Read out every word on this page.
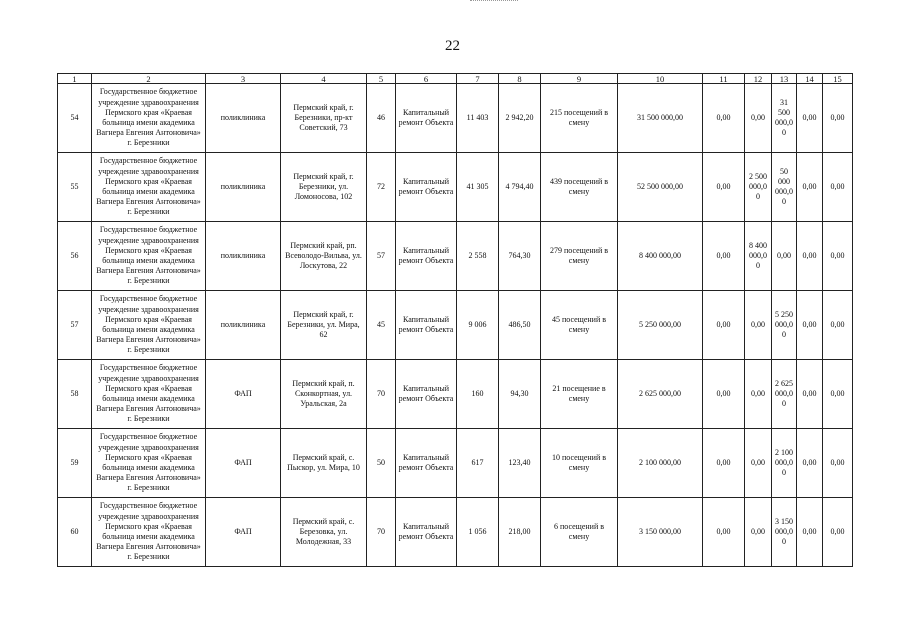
22
1	2	3	4	5	6	7	8	9	10	11	12	13	14	15
54	Государственное бюджетное учреждение здравоохранения Пермского края «Краевая больница имени академика Вагнера Евгения Антоновича» г. Березники	поликлиника	Пермский край, г. Березники, пр-кт Советский, 73	46	Капитальный ремонт Объекта	11 403	2 942,20	215 посещений в смену	31 500 000,00	0,00	0,00	31 500 000,0 0	0,00	0,00
55	Государственное бюджетное учреждение здравоохранения Пермского края «Краевая больница имени академика Вагнера Евгения Антоновича» г. Березники	поликлиника	Пермский край, г. Березники, ул. Ломоносова, 102	72	Капитальный ремонт Объекта	41 305	4 794,40	439 посещений в смену	52 500 000,00	0,00	2 500 000,0 0	50 000 000,0 0	0,00	0,00
56	Государственное бюджетное учреждение здравоохранения Пермского края «Краевая больница имени академика Вагнера Евгения Антоновича» г. Березники	поликлиника	Пермский край, рп. Всеволодо-Вильва, ул. Лоскутова, 22	57	Капитальный ремонт Объекта	2 558	764,30	279 посещений в смену	8 400 000,00	0,00	8 400 000,0 0	0,00	0,00	0,00
57	Государственное бюджетное учреждение здравоохранения Пермского края «Краевая больница имени академика Вагнера Евгения Антоновича» г. Березники	поликлиника	Пермский край, г. Березники, ул. Мира, 62	45	Капитальный ремонт Объекта	9 006	486,50	45 посещений в смену	5 250 000,00	0,00	0,00	5 250 000,0 0	0,00	0,00
58	Государственное бюджетное учреждение здравоохранения Пермского края «Краевая больница имени академика Вагнера Евгения Антоновича» г. Березники	ФАП	Пермский край, п. Сконкортная, ул. Уральская, 2а	70	Капитальный ремонт Объекта	160	94,30	21 посещение в смену	2 625 000,00	0,00	0,00	2 625 000,0 0	0,00	0,00
59	Государственное бюджетное учреждение здравоохранения Пермского края «Краевая больница имени академика Вагнера Евгения Антоновича» г. Березники	ФАП	Пермский край, с. Пыскор, ул. Мира, 10	50	Капитальный ремонт Объекта	617	123,40	10 посещений в смену	2 100 000,00	0,00	0,00	2 100 000,0 0	0,00	0,00
60	Государственное бюджетное учреждение здравоохранения Пермского края «Краевая больница имени академика Вагнера Евгения Антоновича» г. Березники	ФАП	Пермский край, с. Березовка, ул. Молодежная, 33	70	Капитальный ремонт Объекта	1 056	218,00	6 посещений в смену	3 150 000,00	0,00	0,00	3 150 000,0 0	0,00	0,00
